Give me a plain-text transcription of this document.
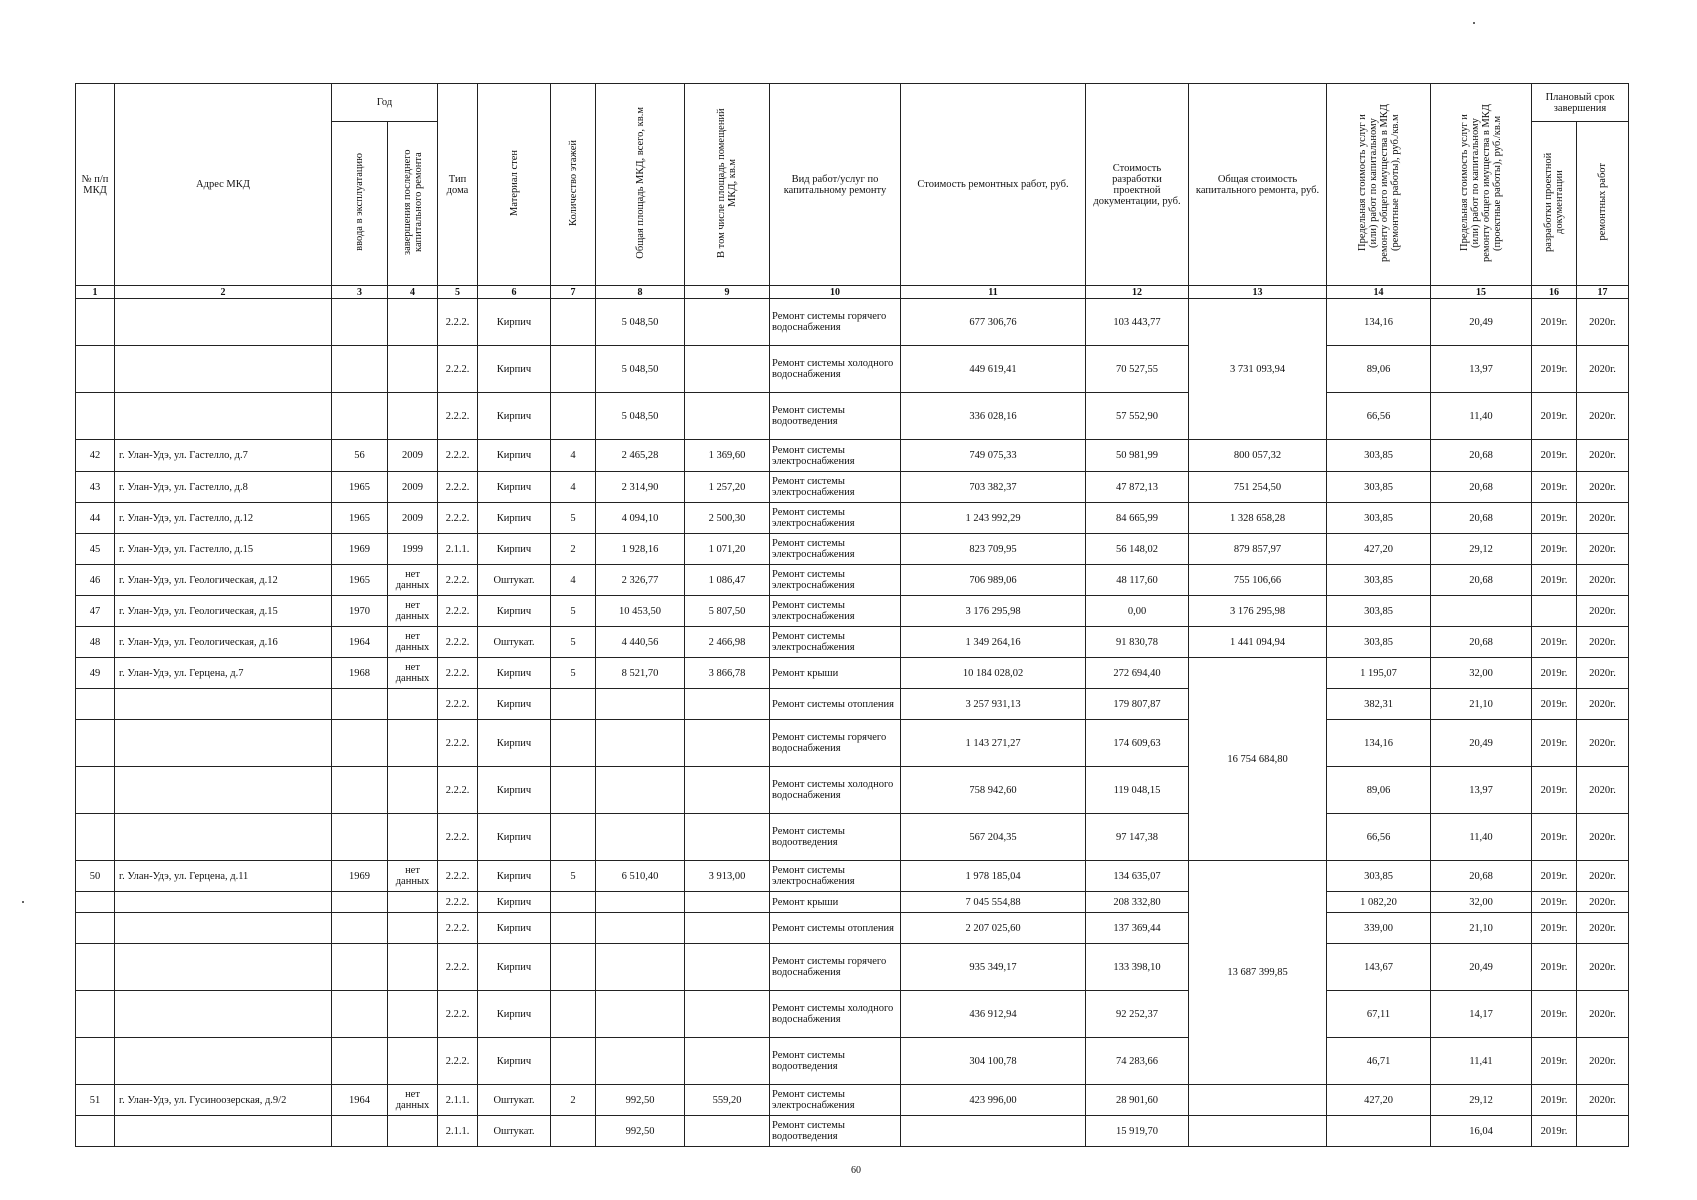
№ п/п МКД	Адрес МКД	Год		Тип дома	Материал стен	Количество этажей	Общая площадь МКД, всего, кв.м	В том числе площадь помещений МКД, кв.м	Вид работ/услуг по капитальному ремонту	Стоимость ремонтных работ, руб.	Стоимость разработки проектной документации, руб.	Общая стоимость капитального ремонта, руб.	Предельная стоимость услуг и (или) работ по капитальному ремонту общего имущества в МКД (ремонтные работы), руб./кв.м	Предельная стоимость услуг и (или) работ по капитальному ремонту общего имущества в МКД (проектные работы), руб./кв.м	Плановый срок завершения	
		ввода в эксплуатацию	завершения последнего капитального ремонта												разработки проектной документации	ремонтных работ
1	2	3	4	5	6	7	8	9	10	11	12	13	14	15	16	17
				2.2.2.	Кирпич		5 048,50		Ремонт системы горячего водоснабжения	677 306,76	103 443,77	3 731 093,94	134,16	20,49	2019г.	2020г.
				2.2.2.	Кирпич		5 048,50		Ремонт системы холодного водоснабжения	449 619,41	70 527,55		89,06	13,97	2019г.	2020г.
				2.2.2.	Кирпич		5 048,50		Ремонт системы водоотведения	336 028,16	57 552,90		66,56	11,40	2019г.	2020г.
42	г. Улан-Удэ, ул. Гастелло, д.7	56	2009	2.2.2.	Кирпич	4	2 465,28	1 369,60	Ремонт системы электроснабжения	749 075,33	50 981,99	800 057,32	303,85	20,68	2019г.	2020г.
43	г. Улан-Удэ, ул. Гастелло, д.8	1965	2009	2.2.2.	Кирпич	4	2 314,90	1 257,20	Ремонт системы электроснабжения	703 382,37	47 872,13	751 254,50	303,85	20,68	2019г.	2020г.
44	г. Улан-Удэ, ул. Гастелло, д.12	1965	2009	2.2.2.	Кирпич	5	4 094,10	2 500,30	Ремонт системы электроснабжения	1 243 992,29	84 665,99	1 328 658,28	303,85	20,68	2019г.	2020г.
45	г. Улан-Удэ, ул. Гастелло, д.15	1969	1999	2.1.1.	Кирпич	2	1 928,16	1 071,20	Ремонт системы электроснабжения	823 709,95	56 148,02	879 857,97	427,20	29,12	2019г.	2020г.
46	г. Улан-Удэ, ул. Геологическая, д.12	1965	нет данных	2.2.2.	Оштукат.	4	2 326,77	1 086,47	Ремонт системы электроснабжения	706 989,06	48 117,60	755 106,66	303,85	20,68	2019г.	2020г.
47	г. Улан-Удэ, ул. Геологическая, д.15	1970	нет данных	2.2.2.	Кирпич	5	10 453,50	5 807,50	Ремонт системы электроснабжения	3 176 295,98	0,00	3 176 295,98	303,85			2020г.
48	г. Улан-Удэ, ул. Геологическая, д.16	1964	нет данных	2.2.2.	Оштукат.	5	4 440,56	2 466,98	Ремонт системы электроснабжения	1 349 264,16	91 830,78	1 441 094,94	303,85	20,68	2019г.	2020г.
49	г. Улан-Удэ, ул. Герцена, д.7	1968	нет данных	2.2.2.	Кирпич	5	8 521,70	3 866,78	Ремонт крыши	10 184 028,02	272 694,40	16 754 684,80	1 195,07	32,00	2019г.	2020г.
				2.2.2.	Кирпич				Ремонт системы отопления	3 257 931,13	179 807,87		382,31	21,10	2019г.	2020г.
				2.2.2.	Кирпич				Ремонт системы горячего водоснабжения	1 143 271,27	174 609,63		134,16	20,49	2019г.	2020г.
				2.2.2.	Кирпич				Ремонт системы холодного водоснабжения	758 942,60	119 048,15		89,06	13,97	2019г.	2020г.
				2.2.2.	Кирпич				Ремонт системы водоотведения	567 204,35	97 147,38		66,56	11,40	2019г.	2020г.
50	г. Улан-Удэ, ул. Герцена, д.11	1969	нет данных	2.2.2.	Кирпич	5	6 510,40	3 913,00	Ремонт системы электроснабжения	1 978 185,04	134 635,07	13 687 399,85	303,85	20,68	2019г.	2020г.
				2.2.2.	Кирпич				Ремонт крыши	7 045 554,88	208 332,80		1 082,20	32,00	2019г.	2020г.
				2.2.2.	Кирпич				Ремонт системы отопления	2 207 025,60	137 369,44		339,00	21,10	2019г.	2020г.
				2.2.2.	Кирпич				Ремонт системы горячего водоснабжения	935 349,17	133 398,10		143,67	20,49	2019г.	2020г.
				2.2.2.	Кирпич				Ремонт системы холодного водоснабжения	436 912,94	92 252,37		67,11	14,17	2019г.	2020г.
				2.2.2.	Кирпич				Ремонт системы водоотведения	304 100,78	74 283,66		46,71	11,41	2019г.	2020г.
51	г. Улан-Удэ, ул. Гусиноозерская, д.9/2	1964	нет данных	2.1.1.	Оштукат.	2	992,50	559,20	Ремонт системы электроснабжения	423 996,00	28 901,60		427,20	29,12	2019г.	2020г.
				2.1.1.	Оштукат.		992,50		Ремонт системы водоотведения		15 919,70			16,04	2019г.	
60
